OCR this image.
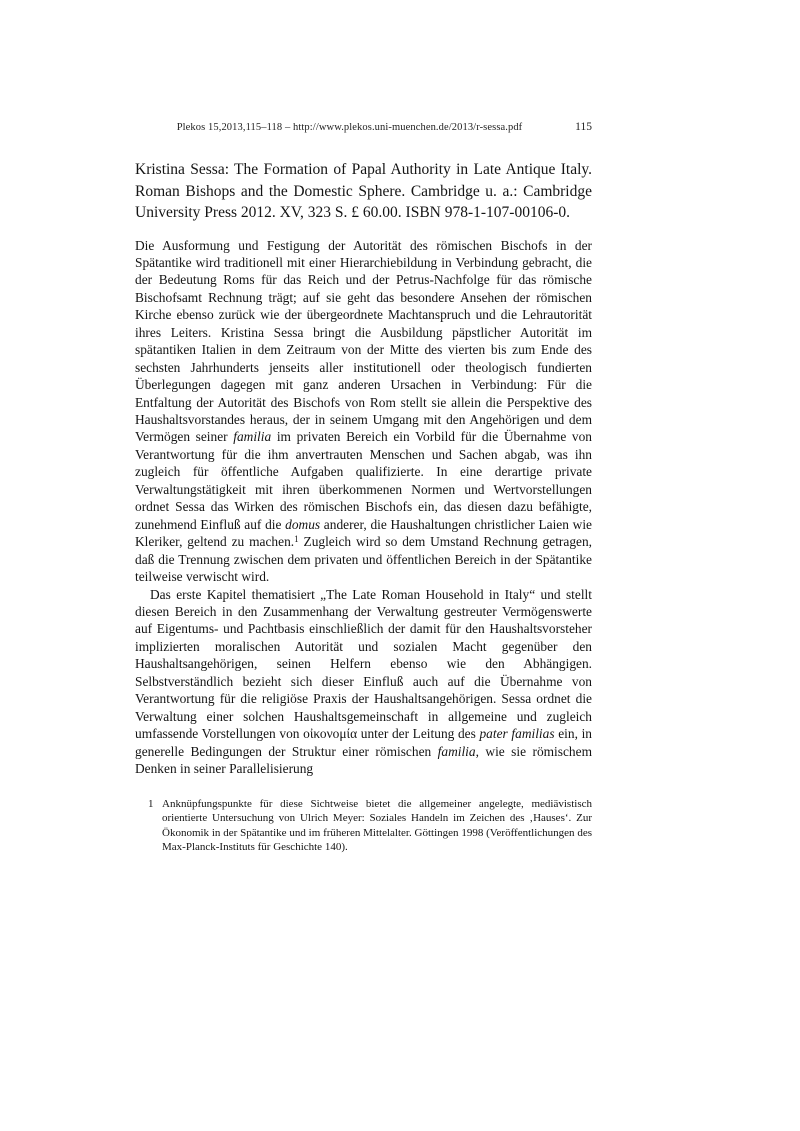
Plekos 15,2013,115–118 – http://www.plekos.uni-muenchen.de/2013/r-sessa.pdf	115
Kristina Sessa: The Formation of Papal Authority in Late Antique Italy. Roman Bishops and the Domestic Sphere. Cambridge u. a.: Cambridge University Press 2012. XV, 323 S. £ 60.00. ISBN 978-1-107-00106-0.

Die Ausformung und Festigung der Autorität des römischen Bischofs in der Spätantike wird traditionell mit einer Hierarchiebildung in Verbindung gebracht, die der Bedeutung Roms für das Reich und der Petrus-Nachfolge für das römische Bischofsamt Rechnung trägt; auf sie geht das besondere Ansehen der römischen Kirche ebenso zurück wie der übergeordnete Machtanspruch und die Lehrautorität ihres Leiters. Kristina Sessa bringt die Ausbildung päpstlicher Autorität im spätantiken Italien in dem Zeitraum von der Mitte des vierten bis zum Ende des sechsten Jahrhunderts jenseits aller institutionell oder theologisch fundierten Überlegungen dagegen mit ganz anderen Ursachen in Verbindung: Für die Entfaltung der Autorität des Bischofs von Rom stellt sie allein die Perspektive des Haushaltsvorstandes heraus, der in seinem Umgang mit den Angehörigen und dem Vermögen seiner familia im privaten Bereich ein Vorbild für die Übernahme von Verantwortung für die ihm anvertrauten Menschen und Sachen abgab, was ihn zugleich für öffentliche Aufgaben qualifizierte. In eine derartige private Verwaltungstätigkeit mit ihren überkommenen Normen und Wertvorstellungen ordnet Sessa das Wirken des römischen Bischofs ein, das diesen dazu befähigte, zunehmend Einfluß auf die domus anderer, die Haushaltungen christlicher Laien wie Kleriker, geltend zu machen.$^1$ Zugleich wird so dem Umstand Rechnung getragen, daß die Trennung zwischen dem privaten und öffentlichen Bereich in der Spätantike teilweise verwischt wird.

Das erste Kapitel thematisiert „The Late Roman Household in Italy“ und stellt diesen Bereich in den Zusammenhang der Verwaltung gestreuter Vermögenswerte auf Eigentums- und Pachtbasis einschließlich der damit für den Haushaltsvorsteher implizierten moralischen Autorität und sozialen Macht gegenüber den Haushaltsangehörigen, seinen Helfern ebenso wie den Abhängigen. Selbstverständlich bezieht sich dieser Einfluß auch auf die Übernahme von Verantwortung für die religiöse Praxis der Haushaltsangehörigen. Sessa ordnet die Verwaltung einer solchen Haushaltsgemeinschaft in allgemeine und zugleich umfassende Vorstellungen von οἰκονομία unter der Leitung des pater familias ein, in generelle Bedingungen der Struktur einer römischen familia, wie sie römischem Denken in seiner Parallelisierung

1 Anknüpfungspunkte für diese Sichtweise bietet die allgemeiner angelegte, mediävistisch orientierte Untersuchung von Ulrich Meyer: Soziales Handeln im Zeichen des ‚Hauses‘. Zur Ökonomik in der Spätantike und im früheren Mittelalter. Göttingen 1998 (Veröffentlichungen des Max-Planck-Instituts für Geschichte 140).
